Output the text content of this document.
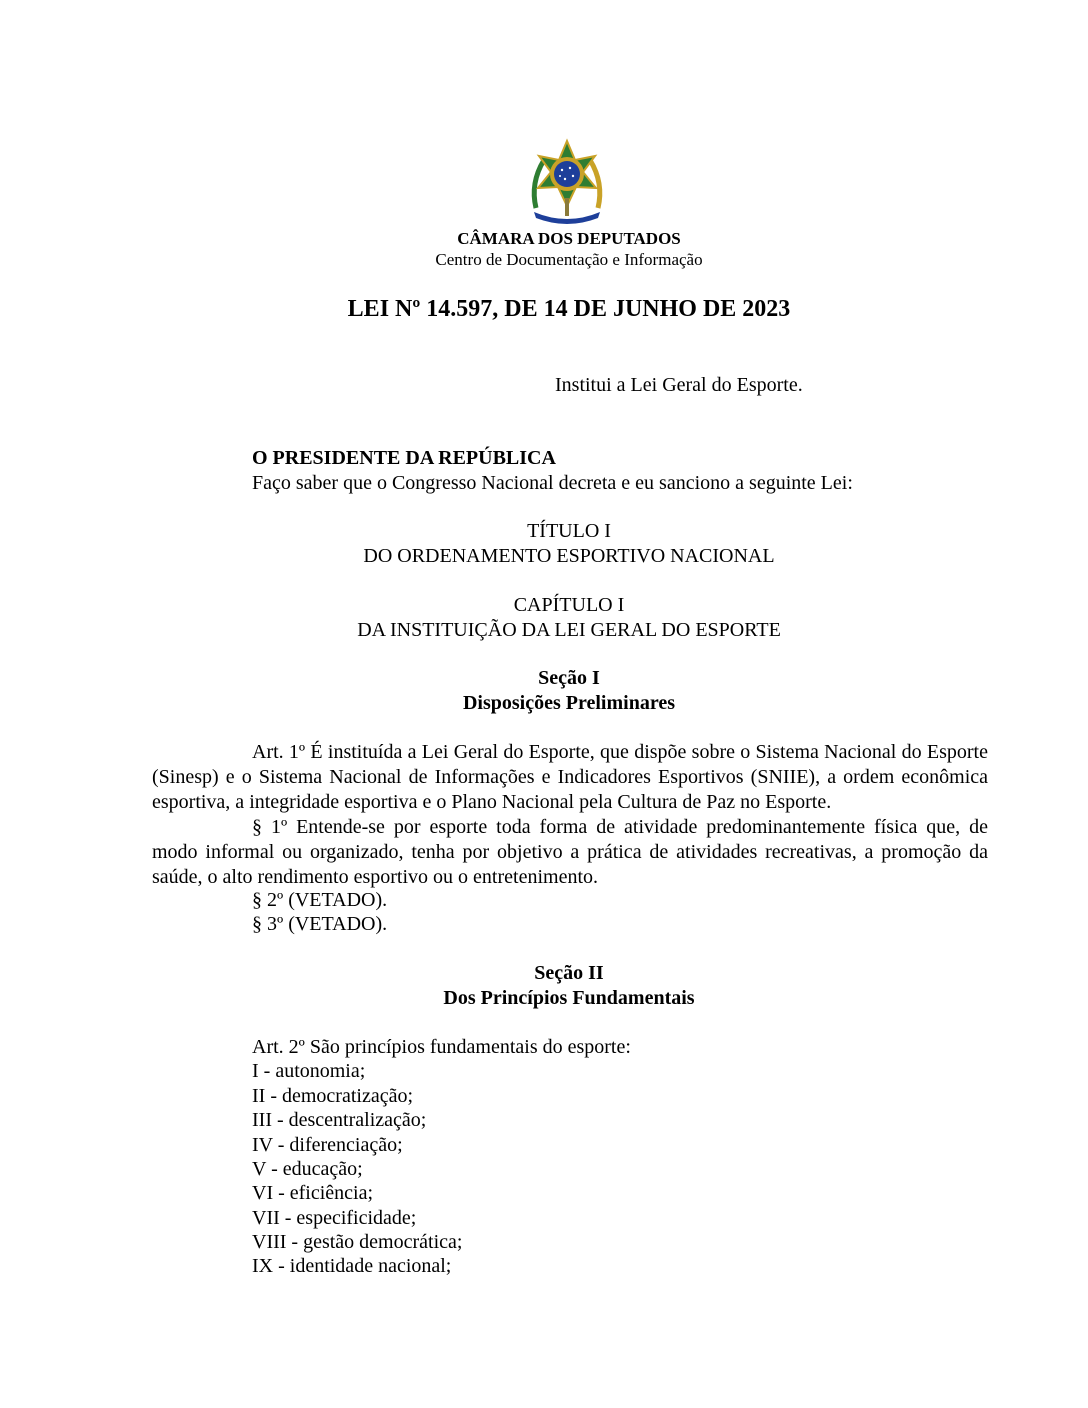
CÂMARA DOS DEPUTADOS
Centro de Documentação e Informação
LEI Nº 14.597, DE 14 DE JUNHO DE 2023
Institui a Lei Geral do Esporte.
O PRESIDENTE DA REPÚBLICA
Faço saber que o Congresso Nacional decreta e eu sanciono a seguinte Lei:
TÍTULO I
DO ORDENAMENTO ESPORTIVO NACIONAL
CAPÍTULO I
DA INSTITUIÇÃO DA LEI GERAL DO ESPORTE
Seção I
Disposições Preliminares
Art. 1º É instituída a Lei Geral do Esporte, que dispõe sobre o Sistema Nacional do Esporte (Sinesp) e o Sistema Nacional de Informações e Indicadores Esportivos (SNIIE), a ordem econômica esportiva, a integridade esportiva e o Plano Nacional pela Cultura de Paz no Esporte.
§ 1º Entende-se por esporte toda forma de atividade predominantemente física que, de modo informal ou organizado, tenha por objetivo a prática de atividades recreativas, a promoção da saúde, o alto rendimento esportivo ou o entretenimento.
§ 2º (VETADO).
§ 3º (VETADO).
Seção II
Dos Princípios Fundamentais
Art. 2º São princípios fundamentais do esporte:
I - autonomia;
II - democratização;
III - descentralização;
IV - diferenciação;
V - educação;
VI - eficiência;
VII - especificidade;
VIII - gestão democrática;
IX - identidade nacional;
